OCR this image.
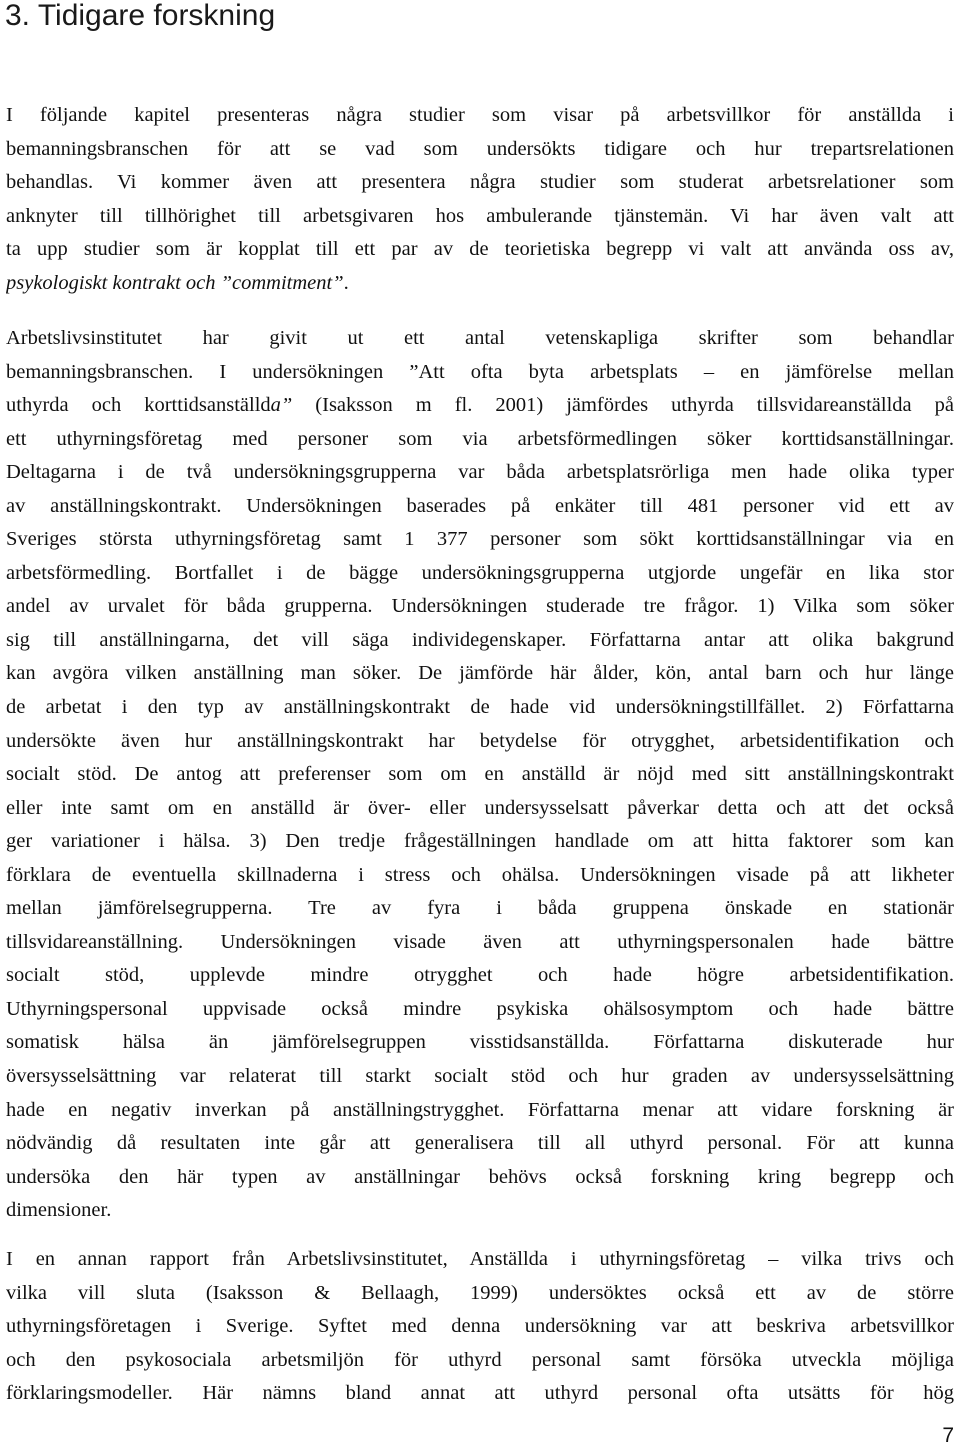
3. Tidigare forskning
I följande kapitel presenteras några studier som visar på arbetsvillkor för anställda i
bemanningsbranschen för att se vad som undersökts tidigare och hur trepartsrelationen
behandlas. Vi kommer även att presentera några studier som studerat arbetsrelationer som
anknyter till tillhörighet till arbetsgivaren hos ambulerande tjänstemän. Vi har även valt att
ta upp studier som är kopplat till ett par av de teorietiska begrepp vi valt att använda oss av,
psykologiskt kontrakt och ”commitment”.
Arbetslivsinstitutet har givit ut ett antal vetenskapliga skrifter som behandlar
bemanningsbranschen. I undersökningen ”Att ofta byta arbetsplats – en jämförelse mellan
uthyrda och korttidsanställda” (Isaksson m fl. 2001) jämfördes uthyrda tillsvidareanställda på
ett uthyrningsföretag med personer som via arbetsförmedlingen söker korttidsanställningar.
Deltagarna i de två undersökningsgrupperna var båda arbetsplatsrörliga men hade olika typer
av anställningskontrakt. Undersökningen baserades på enkäter till 481 personer vid ett av
Sveriges största uthyrningsföretag samt 1 377 personer som sökt korttidsanställningar via en
arbetsförmedling. Bortfallet i de bägge undersökningsgrupperna utgjorde ungefär en lika stor
andel av urvalet för båda grupperna. Undersökningen studerade tre frågor. 1) Vilka som söker
sig till anställningarna, det vill säga individegenskaper. Författarna antar att olika bakgrund
kan avgöra vilken anställning man söker. De jämförde här ålder, kön, antal barn och hur länge
de arbetat i den typ av anställningskontrakt de hade vid undersökningstillfället. 2) Författarna
undersökte även hur anställningskontrakt har betydelse för otrygghet, arbetsidentifikation och
socialt stöd. De antog att preferenser som om en anställd är nöjd med sitt anställningskontrakt
eller inte samt om en anställd är över- eller undersysselsatt påverkar detta och att det också
ger variationer i hälsa. 3) Den tredje frågeställningen handlade om att hitta faktorer som kan
förklara de eventuella skillnaderna i stress och ohälsa. Undersökningen visade på att likheter
mellan jämförelsegrupperna. Tre av fyra i båda gruppena önskade en stationär
tillsvidareanställning. Undersökningen visade även att uthyrningspersonalen hade bättre
socialt stöd, upplevde mindre otrygghet och hade högre arbetsidentifikation.
Uthyrningspersonal uppvisade också mindre psykiska ohälsosymptom och hade bättre
somatisk hälsa än jämförelsegruppen visstidsanställda. Författarna diskuterade hur
översysselsättning var relaterat till starkt socialt stöd och hur graden av undersysselsättning
hade en negativ inverkan på anställningstrygghet. Författarna menar att vidare forskning är
nödvändig då resultaten inte går att generalisera till all uthyrd personal. För att kunna
undersöka den här typen av anställningar behövs också forskning kring begrepp och
dimensioner.
I en annan rapport från Arbetslivsinstitutet, Anställda i uthyrningsföretag – vilka trivs och
vilka vill sluta (Isaksson & Bellaagh, 1999) undersöktes också ett av de större
uthyrningsföretagen i Sverige. Syftet med denna undersökning var att beskriva arbetsvillkor
och den psykosociala arbetsmiljön för uthyrd personal samt försöka utveckla möjliga
förklaringsmodeller. Här nämns bland annat att uthyrd personal ofta utsätts för hög
7
